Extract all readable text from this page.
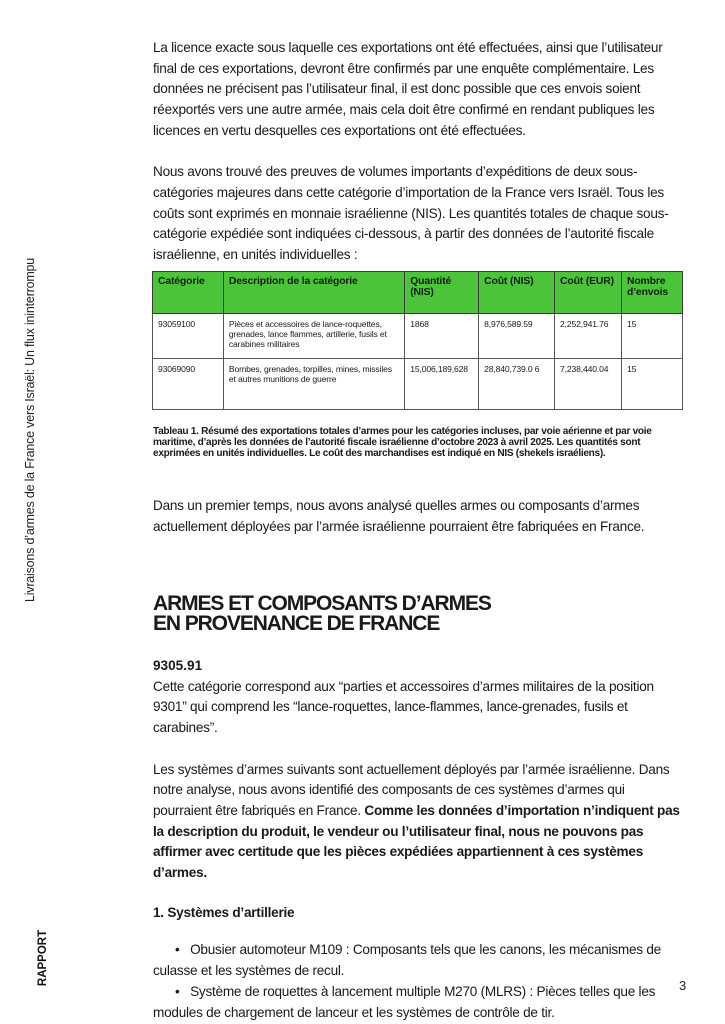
Livraisons d’armes de la France vers Israël: Un flux ininterrompu
RAPPORT	3

La licence exacte sous laquelle ces exportations ont été effectuées, ainsi que l’utilisateur final de ces exportations, devront être confirmés par une enquête complémentaire. Les données ne précisent pas l’utilisateur final, il est donc possible que ces envois soient réexportés vers une autre armée, mais cela doit être confirmé en rendant publiques les licences en vertu desquelles ces exportations ont été effectuées.

Nous avons trouvé des preuves de volumes importants d’expéditions de deux sous-catégories majeures dans cette catégorie d’importation de la France vers Israël. Tous les coûts sont exprimés en monnaie israélienne (NIS). Les quantités totales de chaque sous-catégorie expédiée sont indiquées ci-dessous, à partir des données de l’autorité fiscale israélienne, en unités individuelles :

Catégorie	Description de la catégorie	Quantité (NIS)	Coût (NIS)	Coût (EUR)	Nombre d’envois
93059100	Pièces et accessoires de lance-roquettes, grenades, lance flammes, artillerie, fusils et carabines militaires	1868	8,976,589.59	2,252,941.76	15
93069090	Bombes, grenades, torpilles, mines, missiles et autres munitions de guerre	15,006,189,628	28,840,739.0 6	7,238,440.04	15

Tableau 1. Résumé des exportations totales d’armes pour les catégories incluses, par voie aérienne et par voie maritime, d’après les données de l’autorité fiscale israélienne d’octobre 2023 à avril 2025. Les quantités sont exprimées en unités individuelles. Le coût des marchandises est indiqué en NIS (shekels israéliens).

Dans un premier temps, nous avons analysé quelles armes ou composants d’armes actuellement déployées par l’armée israélienne pourraient être fabriquées en France.

ARMES ET COMPOSANTS D’ARMES
EN PROVENANCE DE FRANCE

9305.91

Cette catégorie correspond aux “parties et accessoires d’armes militaires de la position 9301” qui comprend les “lance-roquettes, lance-flammes, lance-grenades, fusils et carabines”.

Les systèmes d’armes suivants sont actuellement déployés par l’armée israélienne. Dans notre analyse, nous avons identifié des composants de ces systèmes d’armes qui pourraient être fabriqués en France. Comme les données d’importation n’indiquent pas la description du produit, le vendeur ou l’utilisateur final, nous ne pouvons pas affirmer avec certitude que les pièces expédiées appartiennent à ces systèmes d’armes.

1. Systèmes d’artillerie

• Obusier automoteur M109 : Composants tels que les canons, les mécanismes de culasse et les systèmes de recul.
• Système de roquettes à lancement multiple M270 (MLRS) : Pièces telles que les modules de chargement de lanceur et les systèmes de contrôle de tir.
